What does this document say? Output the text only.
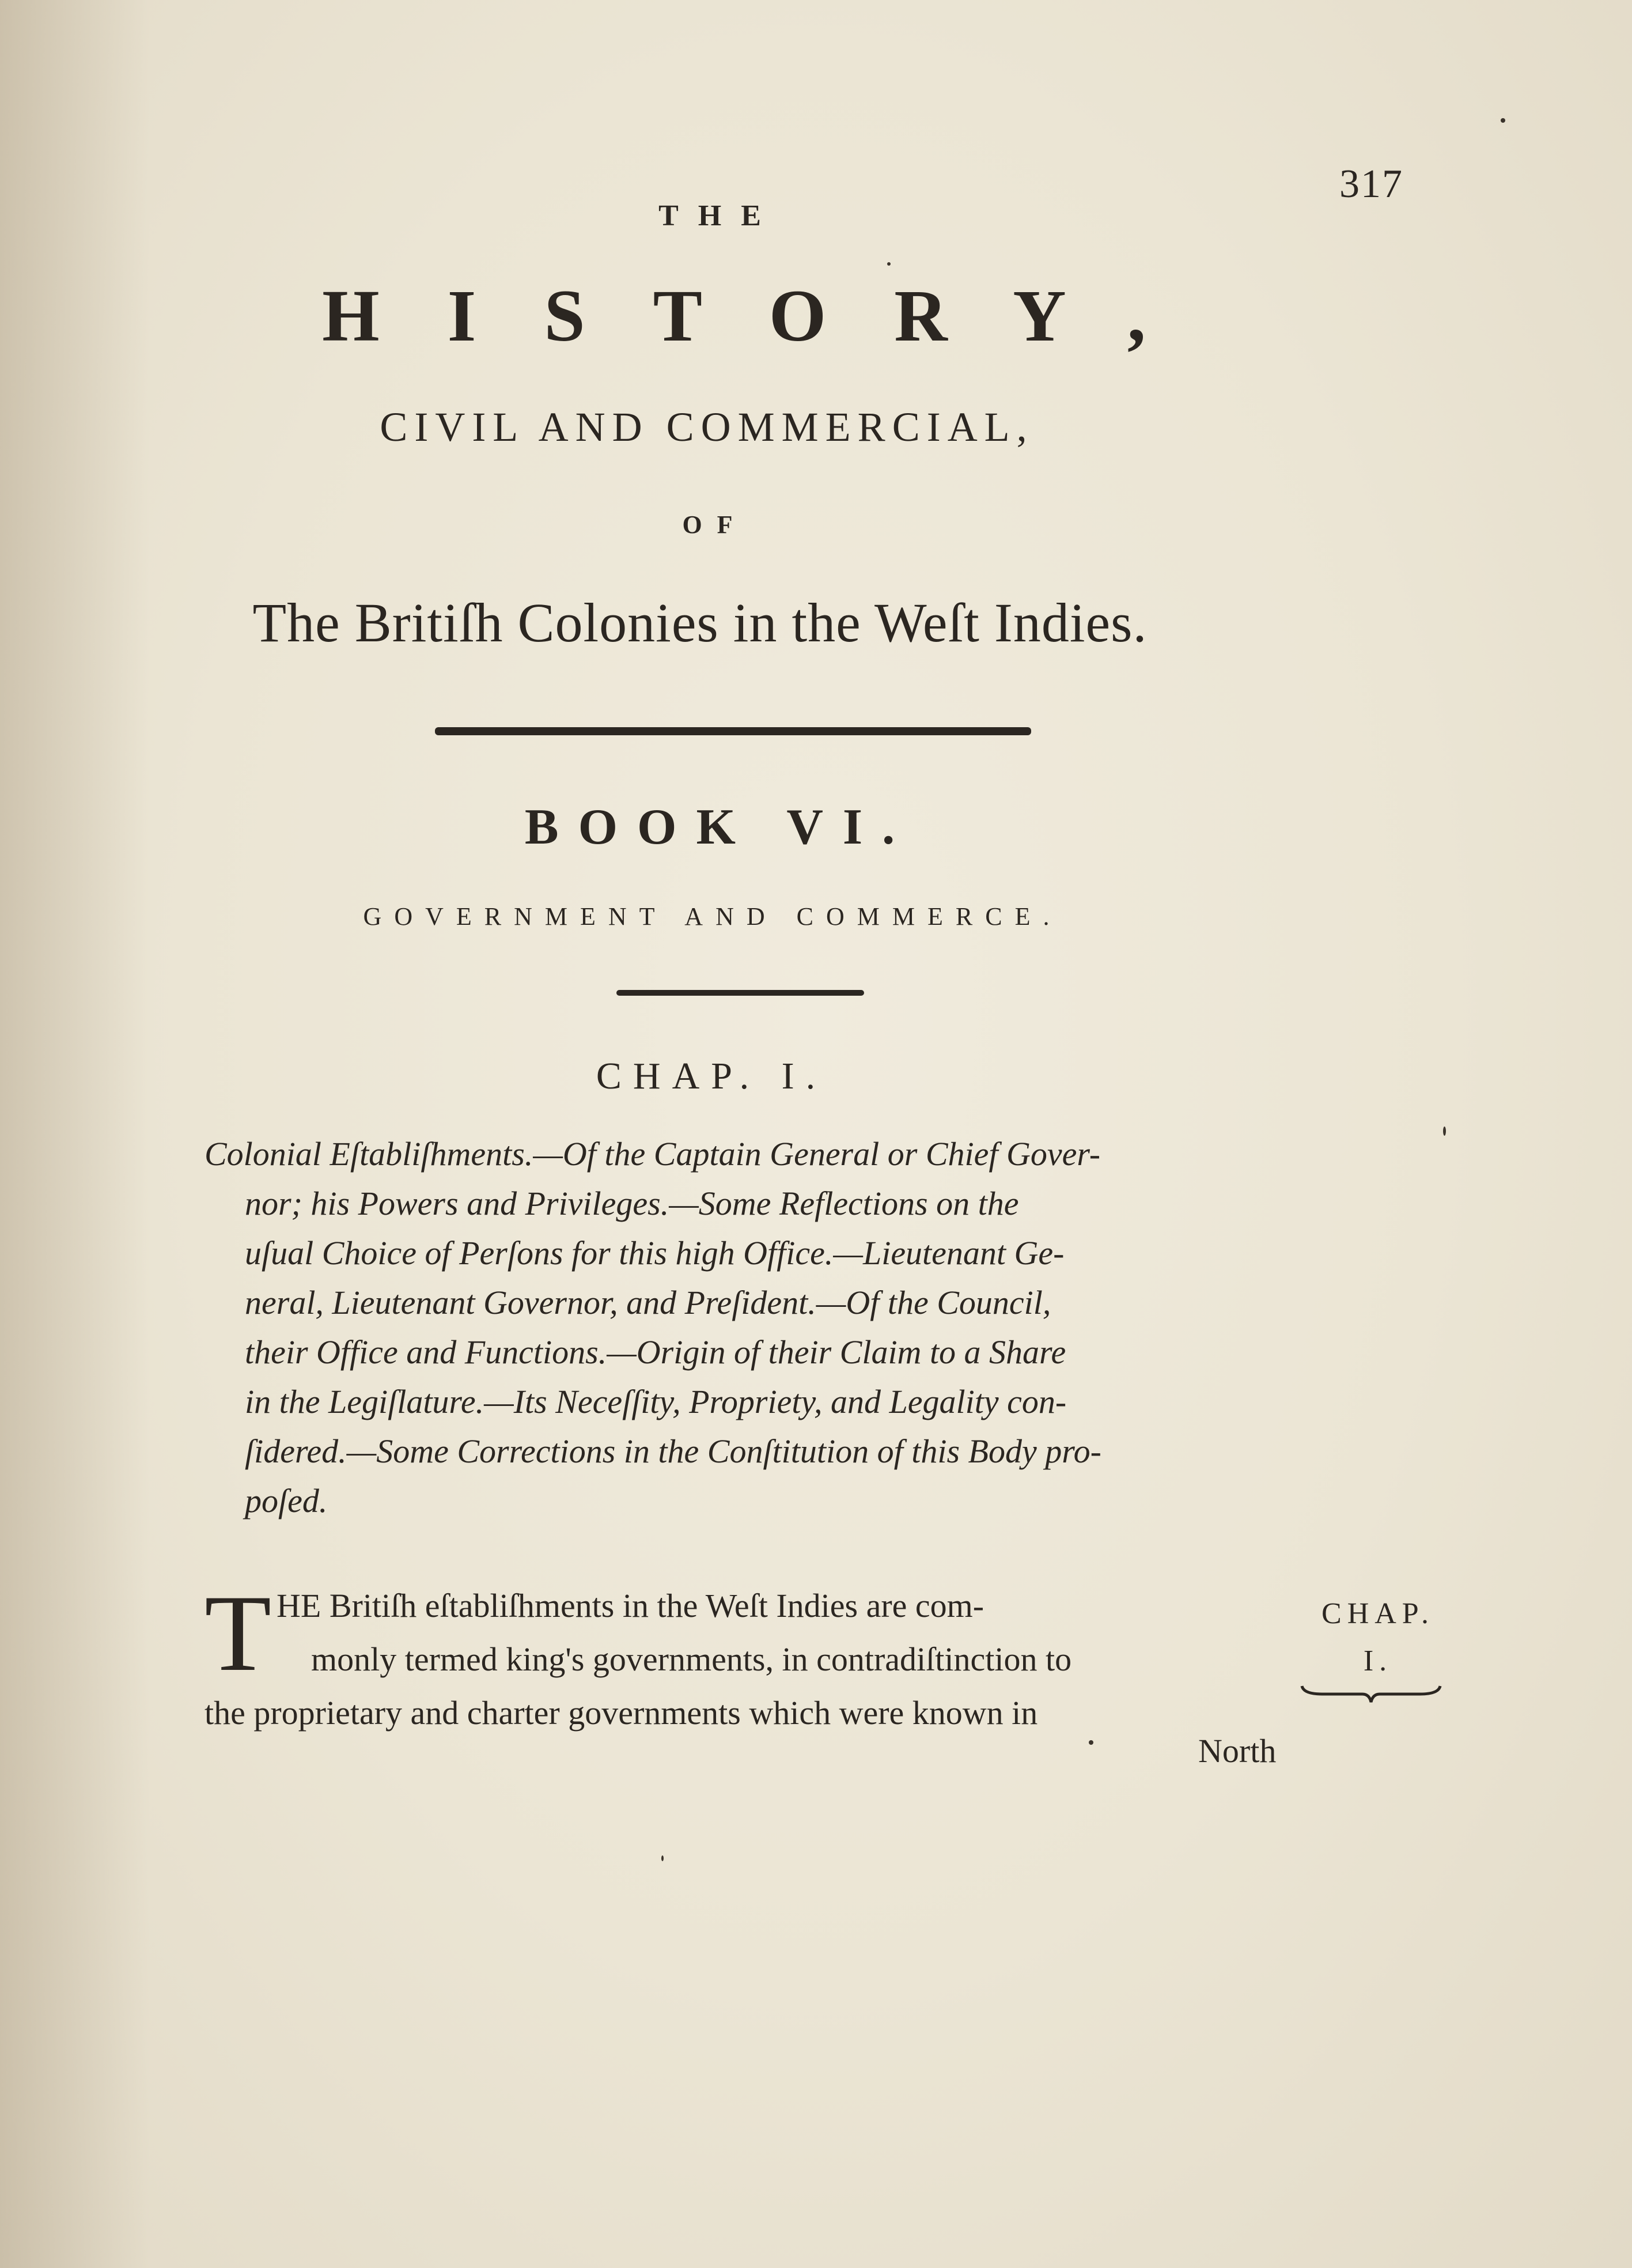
317
THE
HISTORY,
CIVIL AND COMMERCIAL,
OF
The Britiſh Colonies in the Weſt Indies.
BOOK VI.
GOVERNMENT AND COMMERCE.
CHAP. I.
Colonial Eſtabliſhments.—Of the Captain General or Chief Gover-
nor; his Powers and Privileges.—Some Reflections on the
uſual Choice of Perſons for this high Office.—Lieutenant Ge-
neral, Lieutenant Governor, and Preſident.—Of the Council,
their Office and Functions.—Origin of their Claim to a Share
in the Legiſlature.—Its Neceſſity, Propriety, and Legality con-
ſidered.—Some Corrections in the Conſtitution of this Body pro-
poſed.
T HE Britiſh eſtabliſhments in the Weſt Indies are com-
monly termed king's governments, in contradiſtinction to
the proprietary and charter governments which were known in
North
CHAP.
I.
